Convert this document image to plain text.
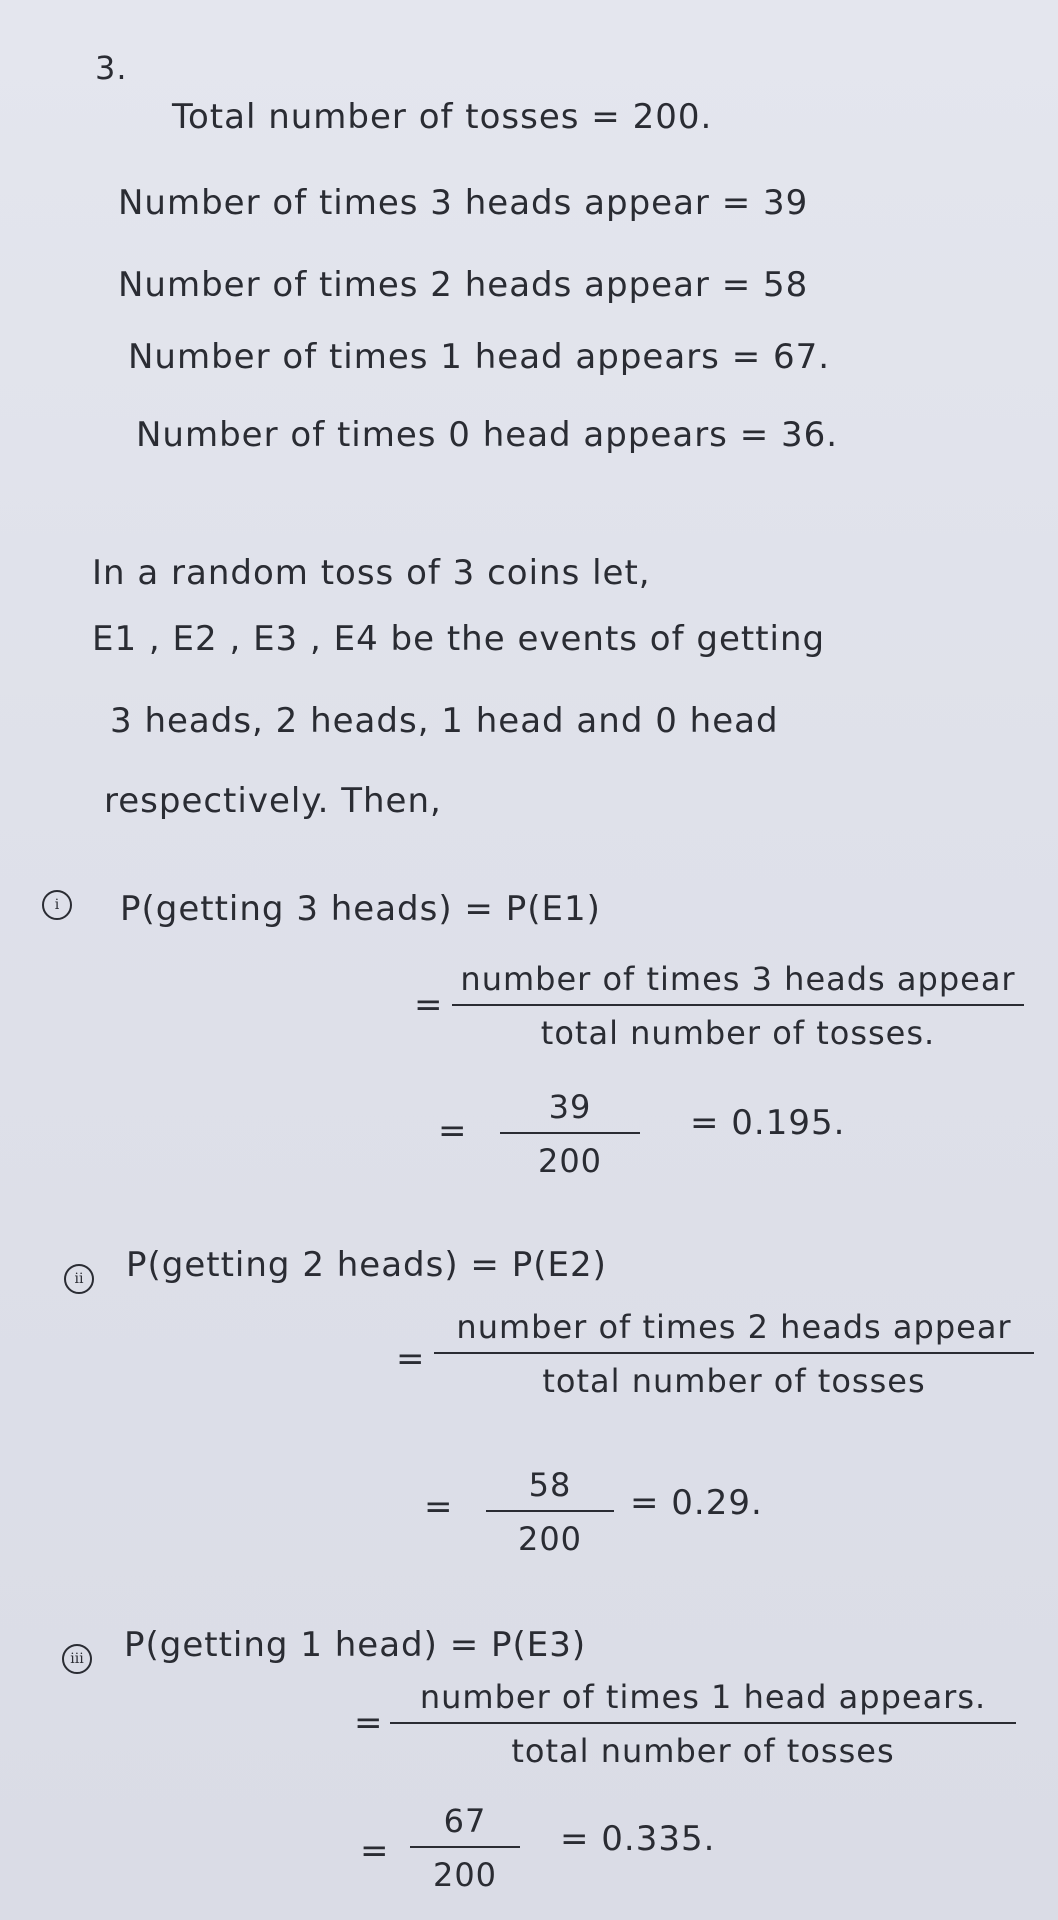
3.
Total number of tosses = 200.
Number of times 3 heads appear = 39
Number of times 2 heads appear = 58
Number of times 1 head appears = 67.
Number of times 0 head appears = 36.
In a random toss of 3 coins let,
E1 , E2 , E3 , E4 be the events of getting
3 heads, 2 heads, 1 head and 0 head
respectively. Then,
i	P(getting 3 heads) = P(E1)
=
number of times 3 heads appear
total number of tosses.
=
39
200
= 0.195.
ii	P(getting 2 heads) = P(E2)
=
number of times 2 heads appear
total number of tosses
=
58
200
= 0.29.
iii P(getting 1 head) = P(E3)
=
number of times 1 head appears.
total number of tosses
=
67
200
= 0.335.
